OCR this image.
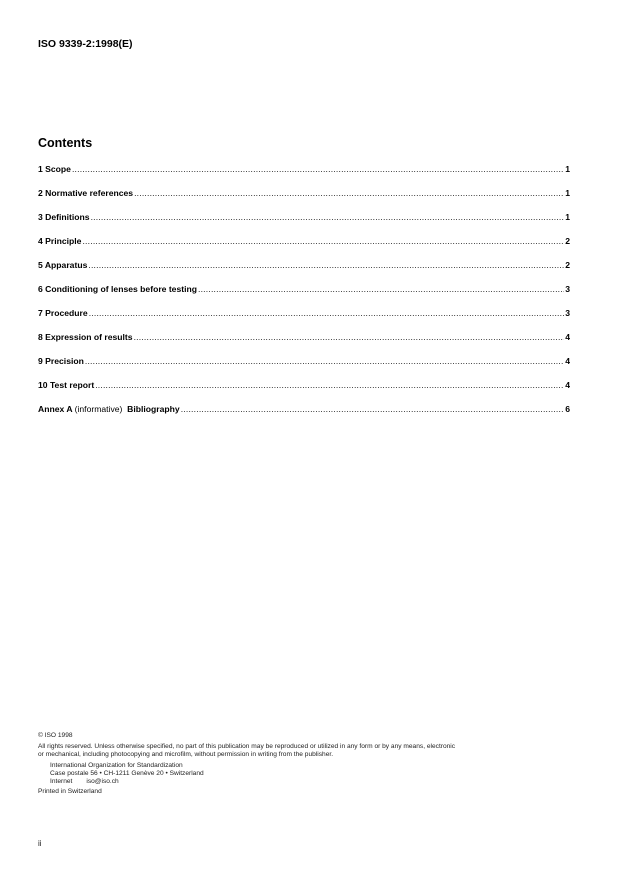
ISO 9339-2:1998(E)
Contents
1 Scope .....	1
2 Normative references .....	1
3 Definitions .....	1
4 Principle .....	2
5 Apparatus .....	2
6 Conditioning of lenses before testing .....	3
7 Procedure .....	3
8 Expression of results .....	4
9 Precision .....	4
10 Test report .....	4
Annex A (informative) Bibliography .....	6
© ISO 1998
All rights reserved. Unless otherwise specified, no part of this publication may be reproduced or utilized in any form or by any means, electronic
or mechanical, including photocopying and microfilm, without permission in writing from the publisher.
International Organization for Standardization
Case postale 56 • CH-1211 Genève 20 • Switzerland
Internet iso@iso.ch
Printed in Switzerland
ii
